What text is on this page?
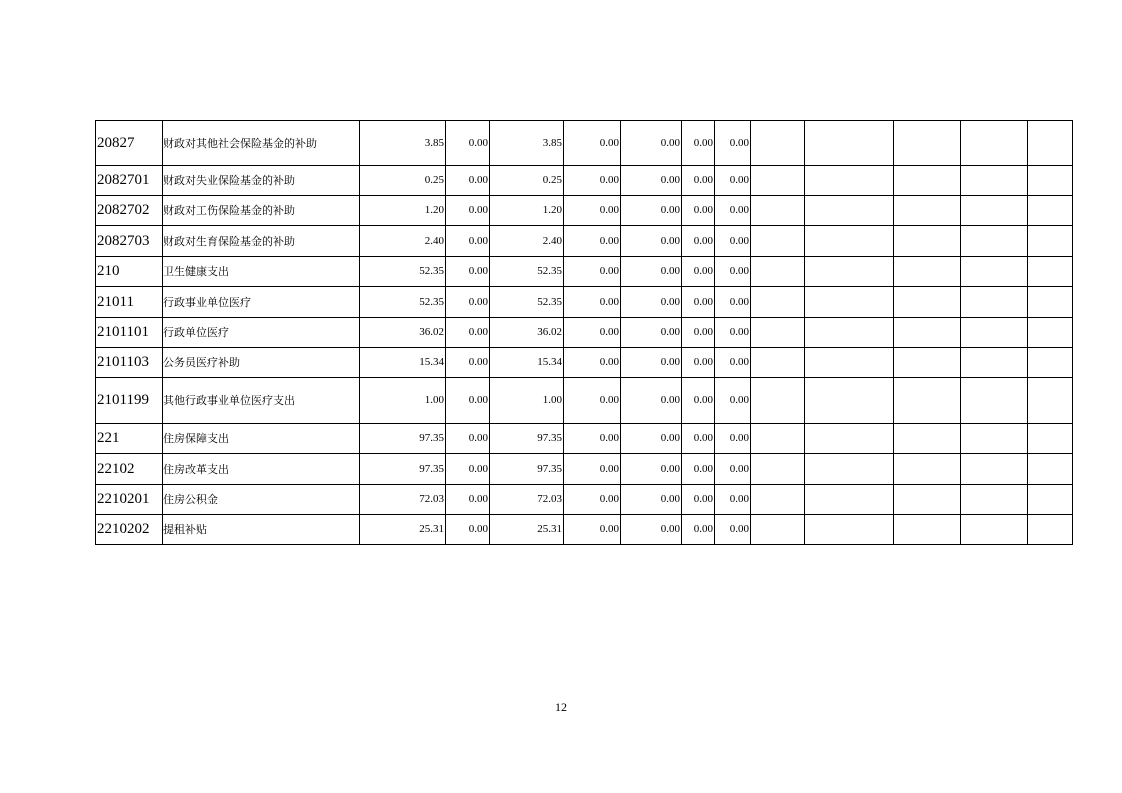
20827	财政对其他社会保险基金的补助	3.85	0.00	3.85	0.00	0.00	0.00	0.00					
2082701	财政对失业保险基金的补助	0.25	0.00	0.25	0.00	0.00	0.00	0.00					
2082702	财政对工伤保险基金的补助	1.20	0.00	1.20	0.00	0.00	0.00	0.00					
2082703	财政对生育保险基金的补助	2.40	0.00	2.40	0.00	0.00	0.00	0.00					
210	卫生健康支出	52.35	0.00	52.35	0.00	0.00	0.00	0.00					
21011	行政事业单位医疗	52.35	0.00	52.35	0.00	0.00	0.00	0.00					
2101101	行政单位医疗	36.02	0.00	36.02	0.00	0.00	0.00	0.00					
2101103	公务员医疗补助	15.34	0.00	15.34	0.00	0.00	0.00	0.00					
2101199	其他行政事业单位医疗支出	1.00	0.00	1.00	0.00	0.00	0.00	0.00					
221	住房保障支出	97.35	0.00	97.35	0.00	0.00	0.00	0.00					
22102	住房改革支出	97.35	0.00	97.35	0.00	0.00	0.00	0.00					
2210201	住房公积金	72.03	0.00	72.03	0.00	0.00	0.00	0.00					
2210202	提租补贴	25.31	0.00	25.31	0.00	0.00	0.00	0.00					
12
